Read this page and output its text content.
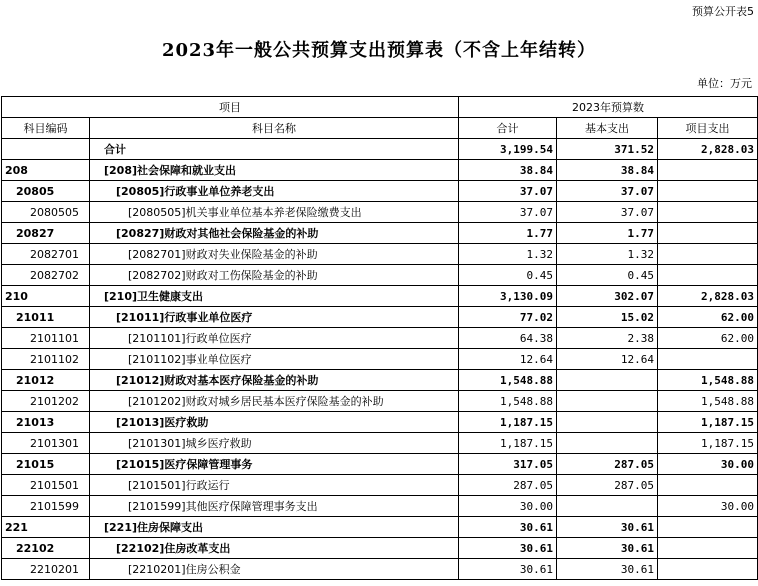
预算公开表5
2023年一般公共预算支出预算表（不含上年结转）
单位：万元
项目		2023年预算数		
科目编码	科目名称	合计	基本支出	项目支出
	合计	3,199.54	371.52	2,828.03
208	[208]社会保障和就业支出	38.84	38.84	
20805	[20805]行政事业单位养老支出	37.07	37.07	
2080505	[2080505]机关事业单位基本养老保险缴费支出	37.07	37.07	
20827	[20827]财政对其他社会保险基金的补助	1.77	1.77	
2082701	[2082701]财政对失业保险基金的补助	1.32	1.32	
2082702	[2082702]财政对工伤保险基金的补助	0.45	0.45	
210	[210]卫生健康支出	3,130.09	302.07	2,828.03
21011	[21011]行政事业单位医疗	77.02	15.02	62.00
2101101	[2101101]行政单位医疗	64.38	2.38	62.00
2101102	[2101102]事业单位医疗	12.64	12.64	
21012	[21012]财政对基本医疗保险基金的补助	1,548.88		1,548.88
2101202	[2101202]财政对城乡居民基本医疗保险基金的补助	1,548.88		1,548.88
21013	[21013]医疗救助	1,187.15		1,187.15
2101301	[2101301]城乡医疗救助	1,187.15		1,187.15
21015	[21015]医疗保障管理事务	317.05	287.05	30.00
2101501	[2101501]行政运行	287.05	287.05	
2101599	[2101599]其他医疗保障管理事务支出	30.00		30.00
221	[221]住房保障支出	30.61	30.61	
22102	[22102]住房改革支出	30.61	30.61	
2210201	[2210201]住房公积金	30.61	30.61	
